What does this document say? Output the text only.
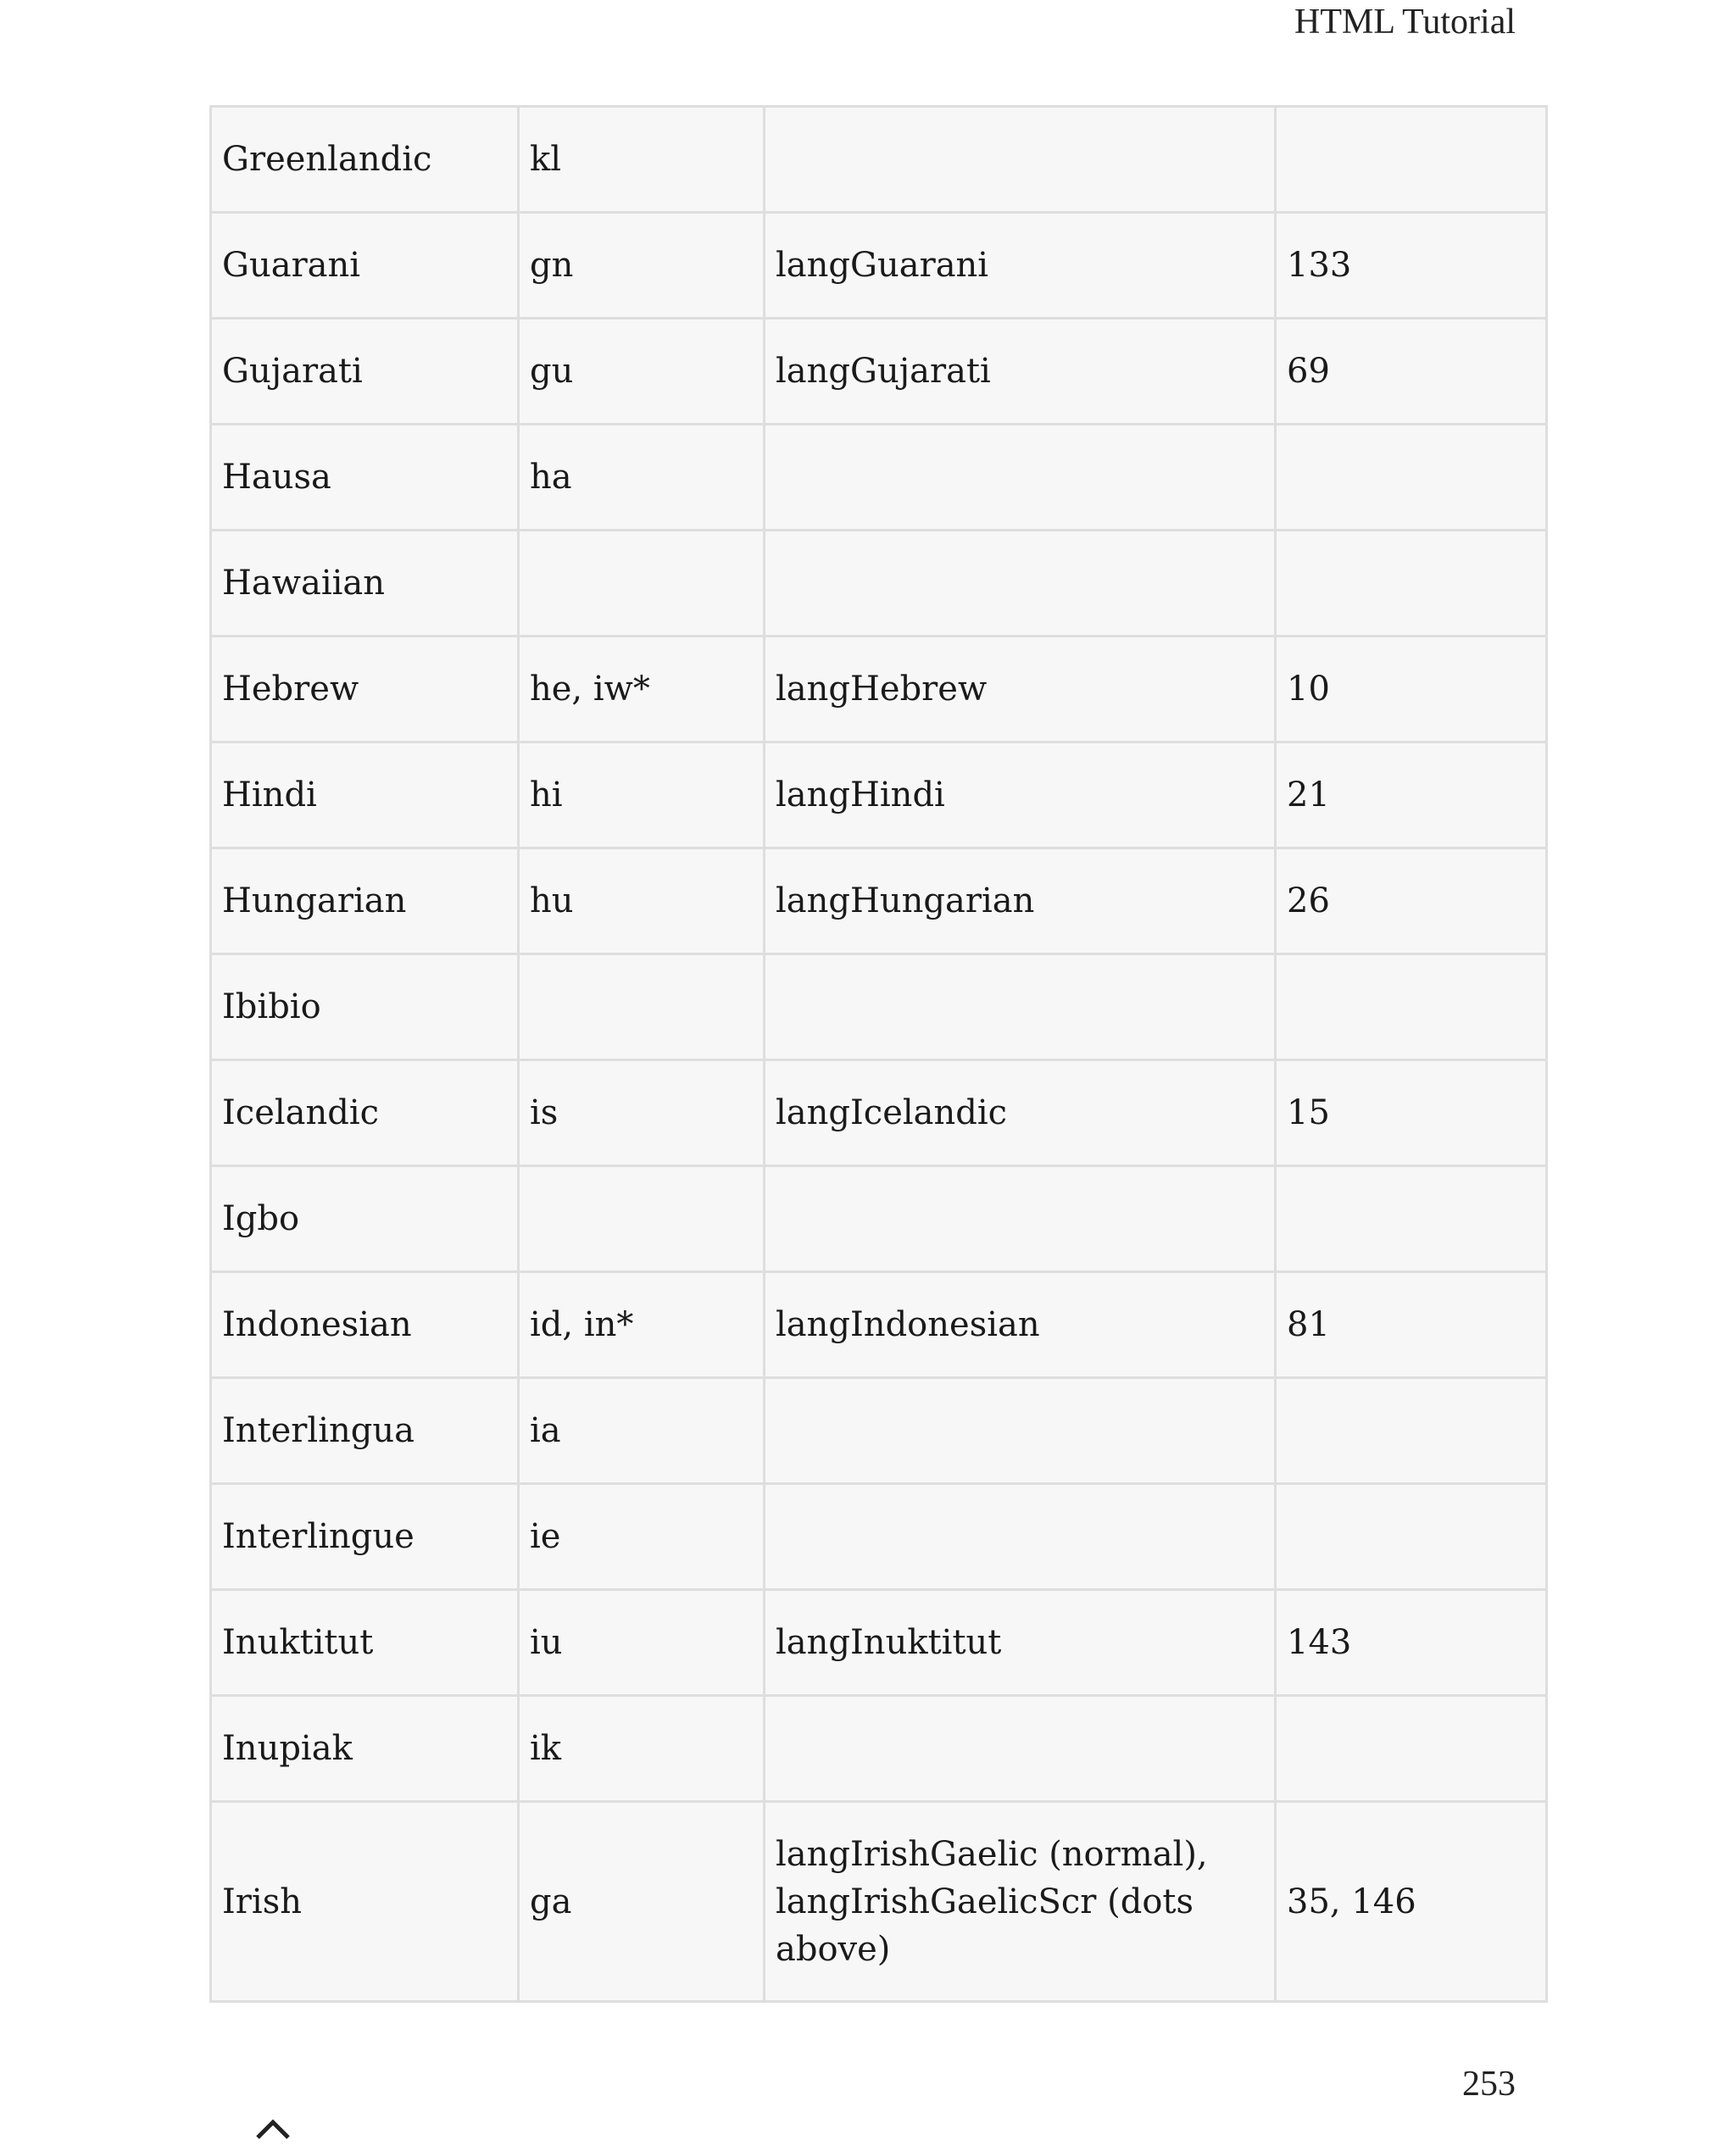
HTML Tutorial
Greenlandic	kl		
Guarani	gn	langGuarani	133
Gujarati	gu	langGujarati	69
Hausa	ha		
Hawaiian			
Hebrew	he, iw*	langHebrew	10
Hindi	hi	langHindi	21
Hungarian	hu	langHungarian	26
Ibibio			
Icelandic	is	langIcelandic	15
Igbo			
Indonesian	id, in*	langIndonesian	81
Interlingua	ia		
Interlingue	ie		
Inuktitut	iu	langInuktitut	143
Inupiak	ik		
Irish	ga	langIrishGaelic (normal), langIrishGaelicScr (dots above)	35, 146
253
